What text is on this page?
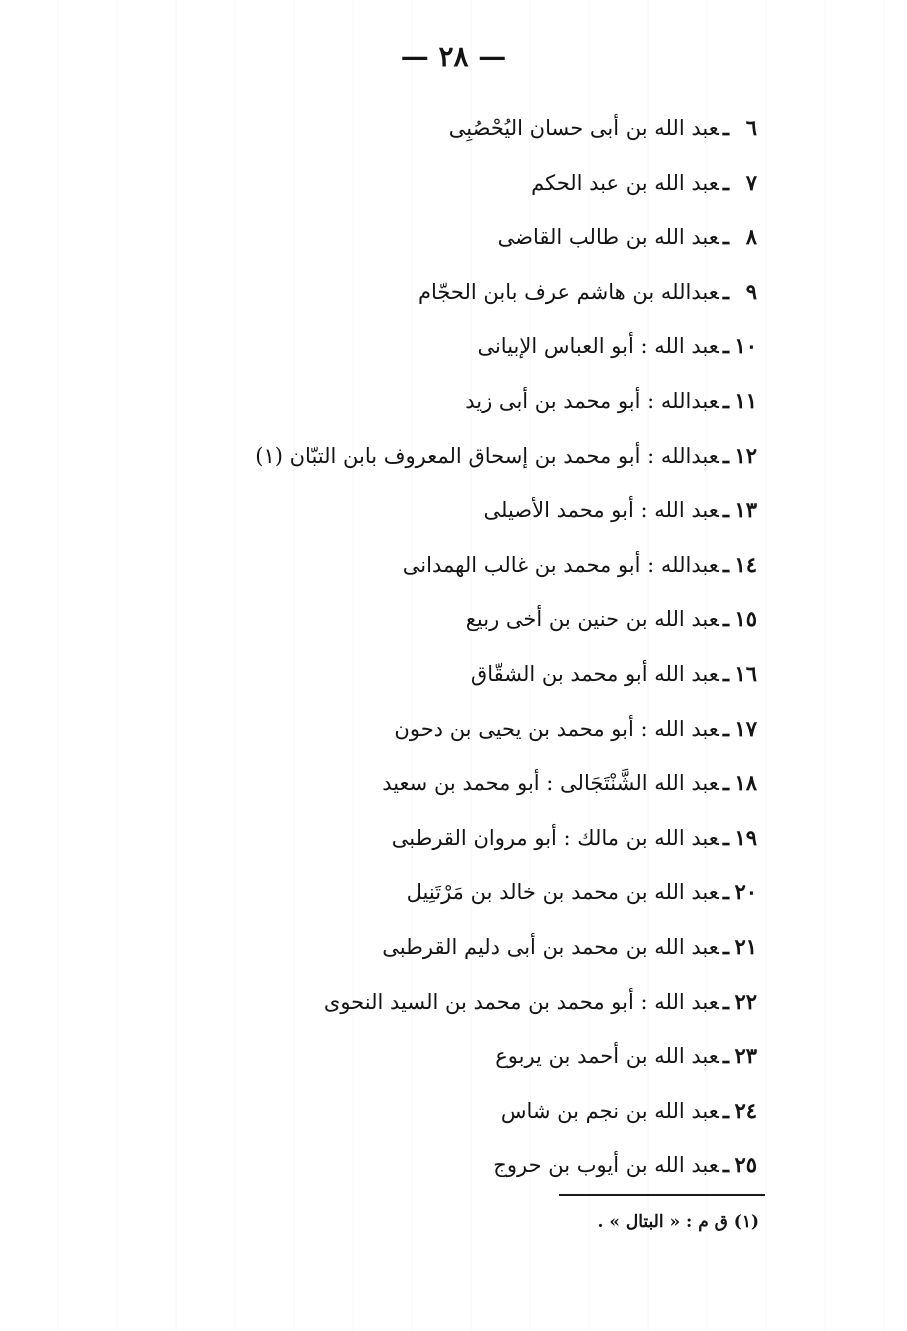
— ٢٨ —
٦ـعبد الله بن أبى حسان اليُحْصُبِى
٧ـعبد الله بن عبد الحكم
٨ـعبد الله بن طالب القاضى
٩ـعبدالله بن هاشم عرف بابن الحجّام
١٠ـعبد الله : أبو العباس الإبيانى
١١ـعبدالله : أبو محمد بن أبى زيد
١٢ـعبدالله : أبو محمد بن إسحاق المعروف بابن التبّان (١)
١٣ـعبد الله : أبو محمد الأصيلى
١٤ـعبدالله : أبو محمد بن غالب الهمدانى
١٥ـعبد الله بن حنين بن أخى ربيع
١٦ـعبد الله أبو محمد بن الشقّاق
١٧ـعبد الله : أبو محمد بن يحيى بن دحون
١٨ـعبد الله الشَّنْتَجَالى : أبو محمد بن سعيد
١٩ـعبد الله بن مالك : أبو مروان القرطبى
٢٠ـعبد الله بن محمد بن خالد بن مَرْتَنِيل
٢١ـعبد الله بن محمد بن أبى دليم القرطبى
٢٢ـعبد الله : أبو محمد بن محمد بن السيد النحوى
٢٣ـعبد الله بن أحمد بن يربوع
٢٤ـعبد الله بن نجم بن شاس
٢٥ـعبد الله بن أيوب بن حروج
(١) ق م : « البتال » .
